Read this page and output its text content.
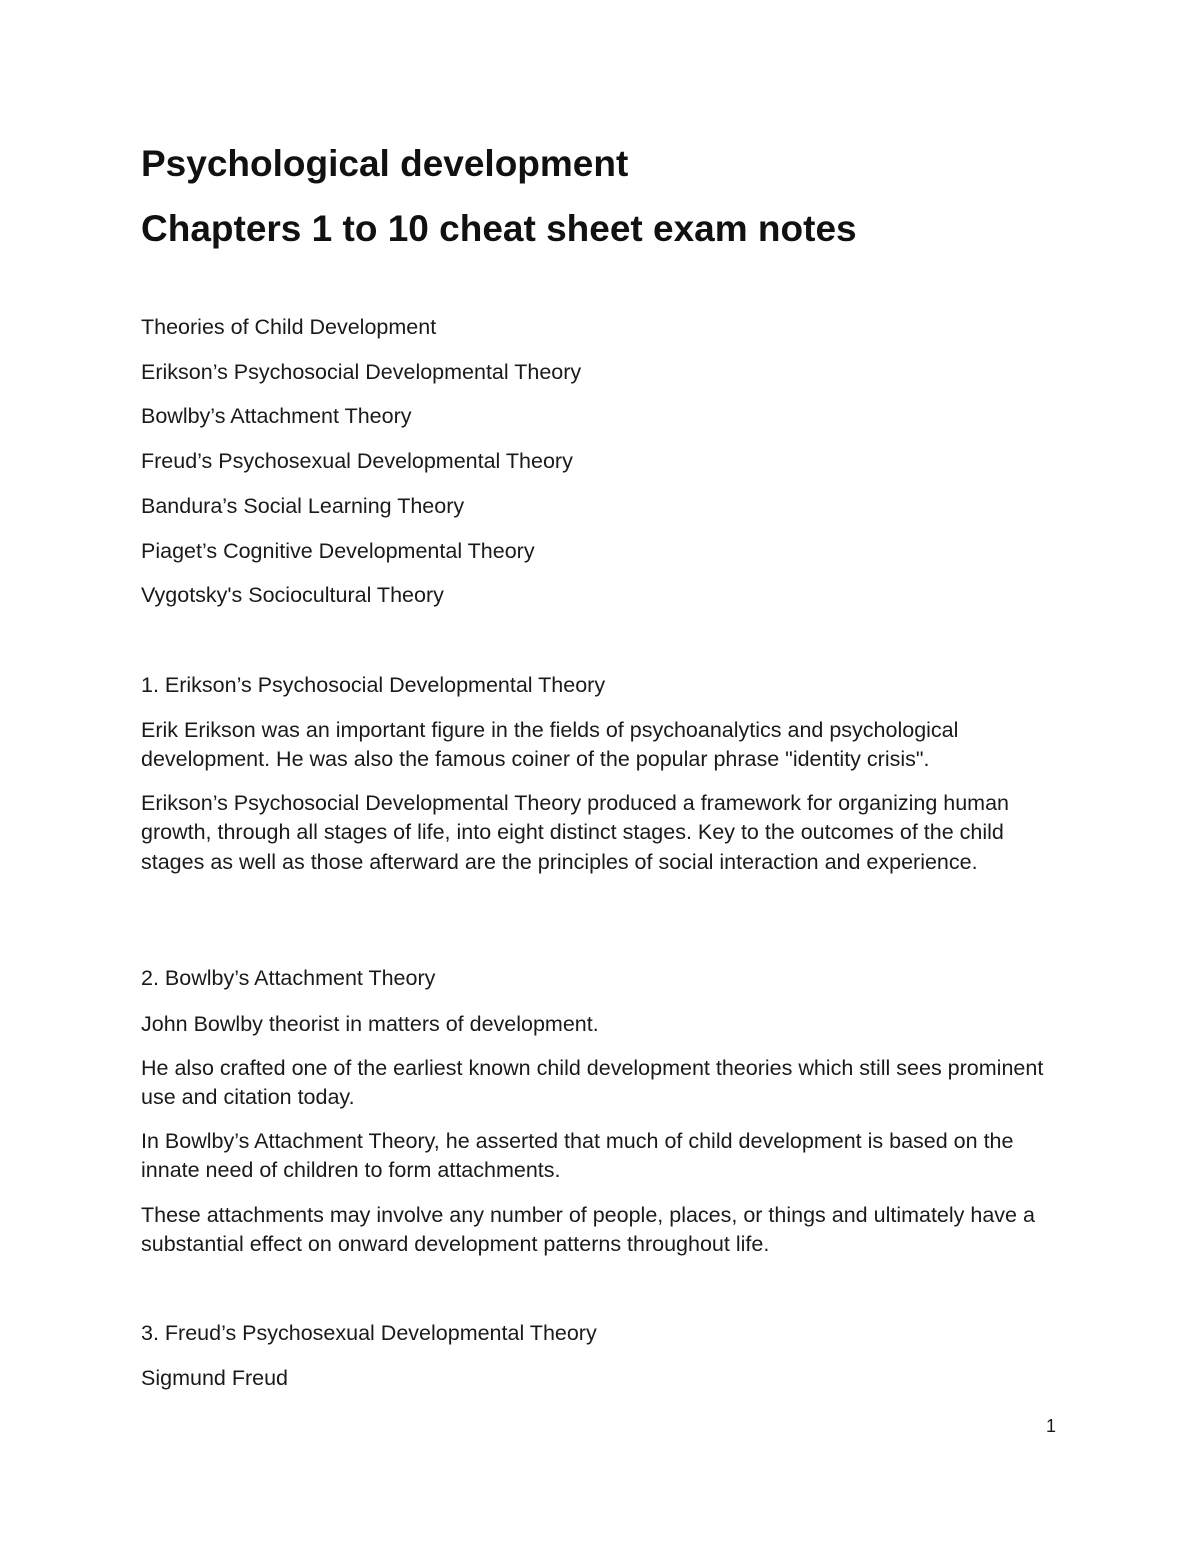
Psychological development
Chapters 1 to 10 cheat sheet exam notes

Theories of Child Development

Erikson’s Psychosocial Developmental Theory

Bowlby’s Attachment Theory

Freud’s Psychosexual Developmental Theory

Bandura’s Social Learning Theory

Piaget’s Cognitive Developmental Theory

Vygotsky's Sociocultural Theory

1. Erikson’s Psychosocial Developmental Theory

Erik Erikson was an important figure in the fields of psychoanalytics and psychological development. He was also the famous coiner of the popular phrase "identity crisis".

Erikson’s Psychosocial Developmental Theory produced a framework for organizing human growth, through all stages of life, into eight distinct stages. Key to the outcomes of the child stages as well as those afterward are the principles of social interaction and experience.

2. Bowlby’s Attachment Theory

John Bowlby theorist in matters of development.

He also crafted one of the earliest known child development theories which still sees prominent use and citation today.

In Bowlby’s Attachment Theory, he asserted that much of child development is based on the innate need of children to form attachments.

These attachments may involve any number of people, places, or things and ultimately have a substantial effect on onward development patterns throughout life.

3. Freud’s Psychosexual Developmental Theory

Sigmund Freud

1
